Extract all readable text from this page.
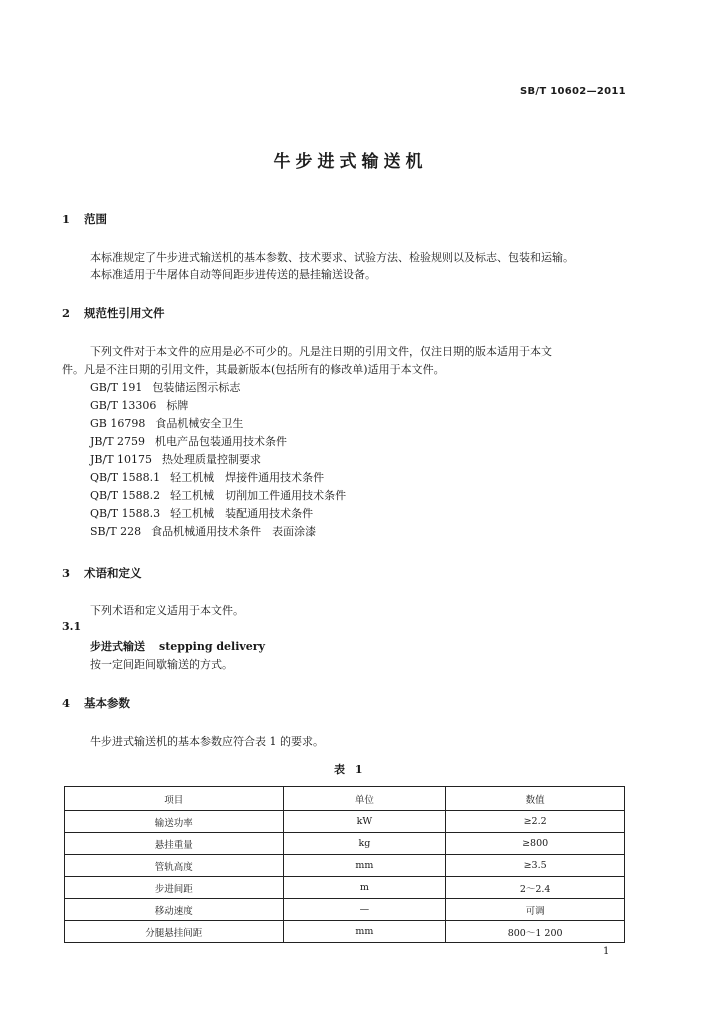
SB/T 10602—2011
牛步进式输送机
1 范围
本标准规定了牛步进式输送机的基本参数、技术要求、试验方法、检验规则以及标志、包装和运输。
本标准适用于牛屠体自动等间距步进传送的悬挂输送设备。
2 规范性引用文件
下列文件对于本文件的应用是必不可少的。凡是注日期的引用文件，仅注日期的版本适用于本文
件。凡是不注日期的引用文件，其最新版本(包括所有的修改单)适用于本文件。
GB/T 191 包装储运图示标志
GB/T 13306 标牌
GB 16798 食品机械安全卫生
JB/T 2759 机电产品包装通用技术条件
JB/T 10175 热处理质量控制要求
QB/T 1588.1 轻工机械　焊接件通用技术条件
QB/T 1588.2 轻工机械　切削加工件通用技术条件
QB/T 1588.3 轻工机械　装配通用技术条件
SB/T 228 食品机械通用技术条件　表面涂漆
3 术语和定义
下列术语和定义适用于本文件。
3.1
步进式输送 stepping delivery
按一定间距间歇输送的方式。
4 基本参数
牛步进式输送机的基本参数应符合表 1 的要求。
表 1
项目	单位	数值
输送功率	kW	≥2.2
悬挂重量	kg	≥800
管轨高度	mm	≥3.5
步进间距	m	2～2.4
移动速度	—	可调
分腿悬挂间距	mm	800～1 200
1
